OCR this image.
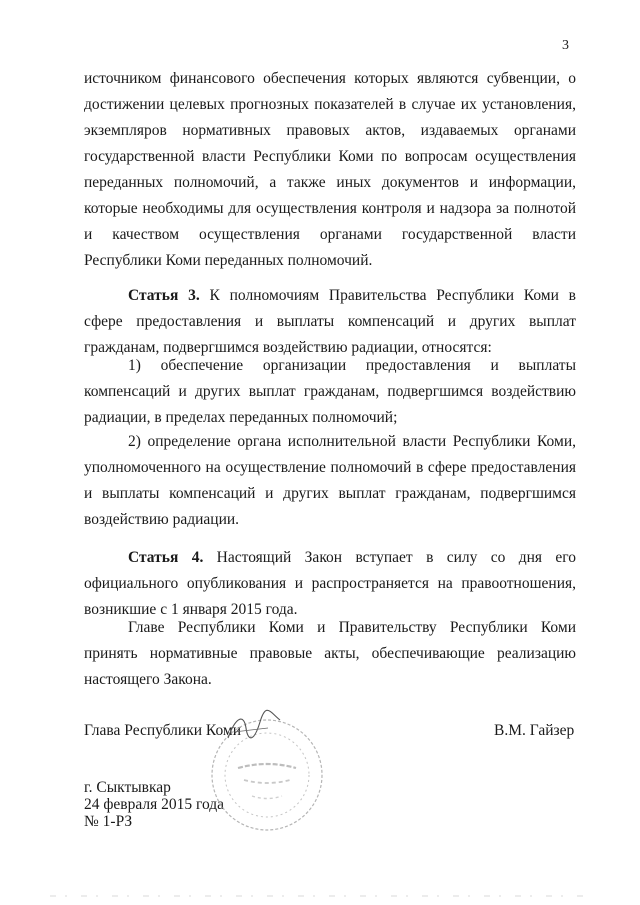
3

источником финансового обеспечения которых являются субвенции, о достижении целевых прогнозных показателей в случае их установления, экземпляров нормативных правовых актов, издаваемых органами государственной власти Республики Коми по вопросам осуществления переданных полномочий, а также иных документов и информации, которые необходимы для осуществления контроля и надзора за полнотой и качеством осуществления органами государственной власти Республики Коми переданных полномочий.

Статья 3. К полномочиям Правительства Республики Коми в сфере предоставления и выплаты компенсаций и других выплат гражданам, подвергшимся воздействию радиации, относятся:

1) обеспечение организации предоставления и выплаты компенсаций и других выплат гражданам, подвергшимся воздействию радиации, в пределах переданных полномочий;

2) определение органа исполнительной власти Республики Коми, уполномоченного на осуществление полномочий в сфере предоставления и выплаты компенсаций и других выплат гражданам, подвергшимся воздействию радиации.

Статья 4. Настоящий Закон вступает в силу со дня его официального опубликования и распространяется на правоотношения, возникшие с 1 января 2015 года.

Главе Республики Коми и Правительству Республики Коми принять нормативные правовые акты, обеспечивающие реализацию настоящего Закона.

Глава Республики Коми	В.М. Гайзер
г. Сыктывкар
24 февраля 2015 года
№ 1-РЗ
